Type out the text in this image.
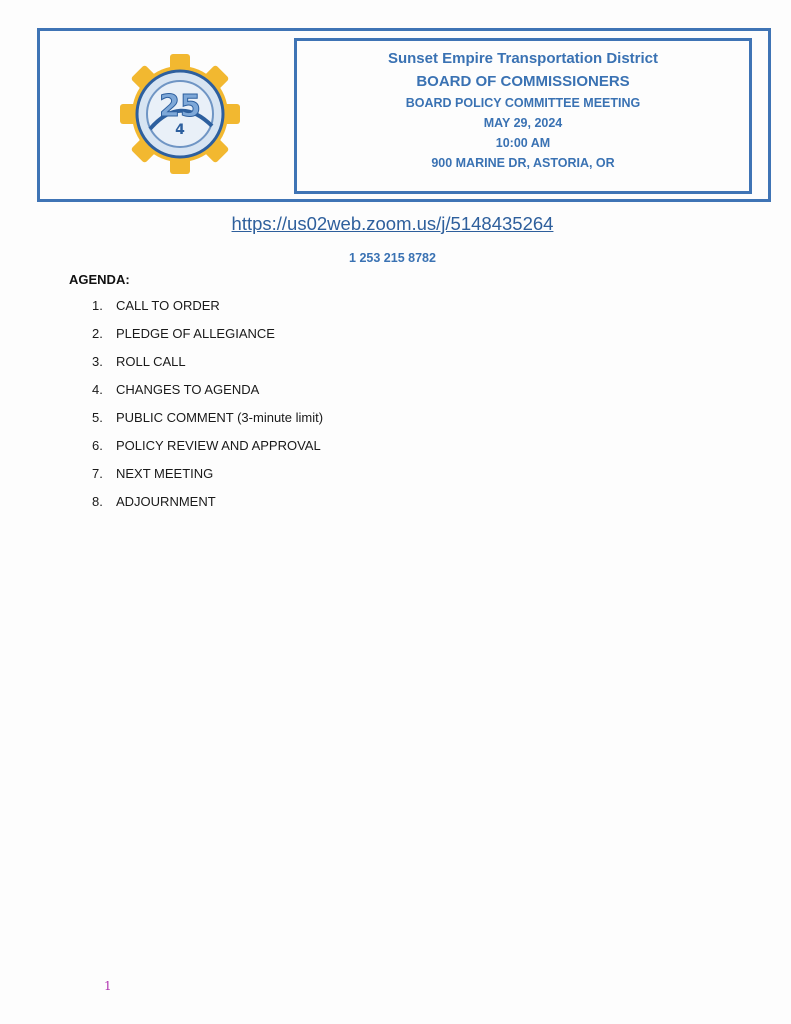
25
4
Sunset Empire Transportation District
BOARD OF COMMISSIONERS
BOARD POLICY COMMITTEE MEETING
MAY 29, 2024
10:00 AM
900 MARINE DR, ASTORIA, OR
https://us02web.zoom.us/j/5148435264
1 253 215 8782
AGENDA:
1.	CALL TO ORDER
2.	PLEDGE OF ALLEGIANCE
3.	ROLL CALL
4.	CHANGES TO AGENDA
5.	PUBLIC COMMENT (3-minute limit)
6.	POLICY REVIEW AND APPROVAL
7.	NEXT MEETING
8.	ADJOURNMENT
1
